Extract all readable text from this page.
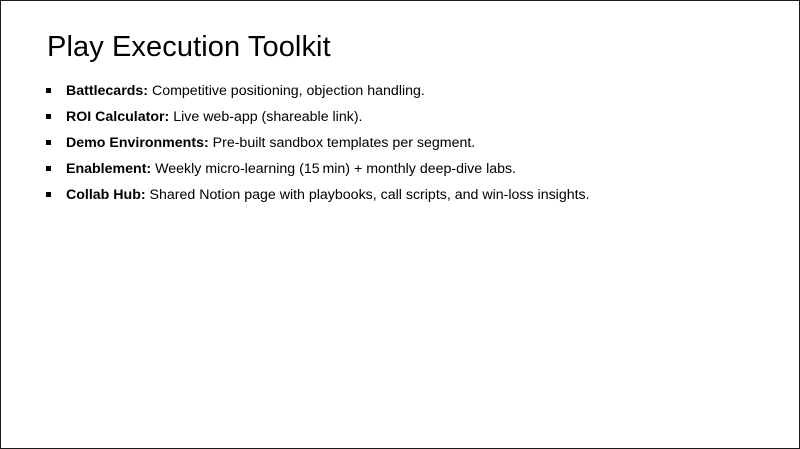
Play Execution Toolkit
Battlecards: Competitive positioning, objection handling.
ROI Calculator: Live web-app (shareable link).
Demo Environments: Pre-built sandbox templates per segment.
Enablement: Weekly micro-learning (15 min) + monthly deep-dive labs.
Collab Hub: Shared Notion page with playbooks, call scripts, and win-loss insights.
